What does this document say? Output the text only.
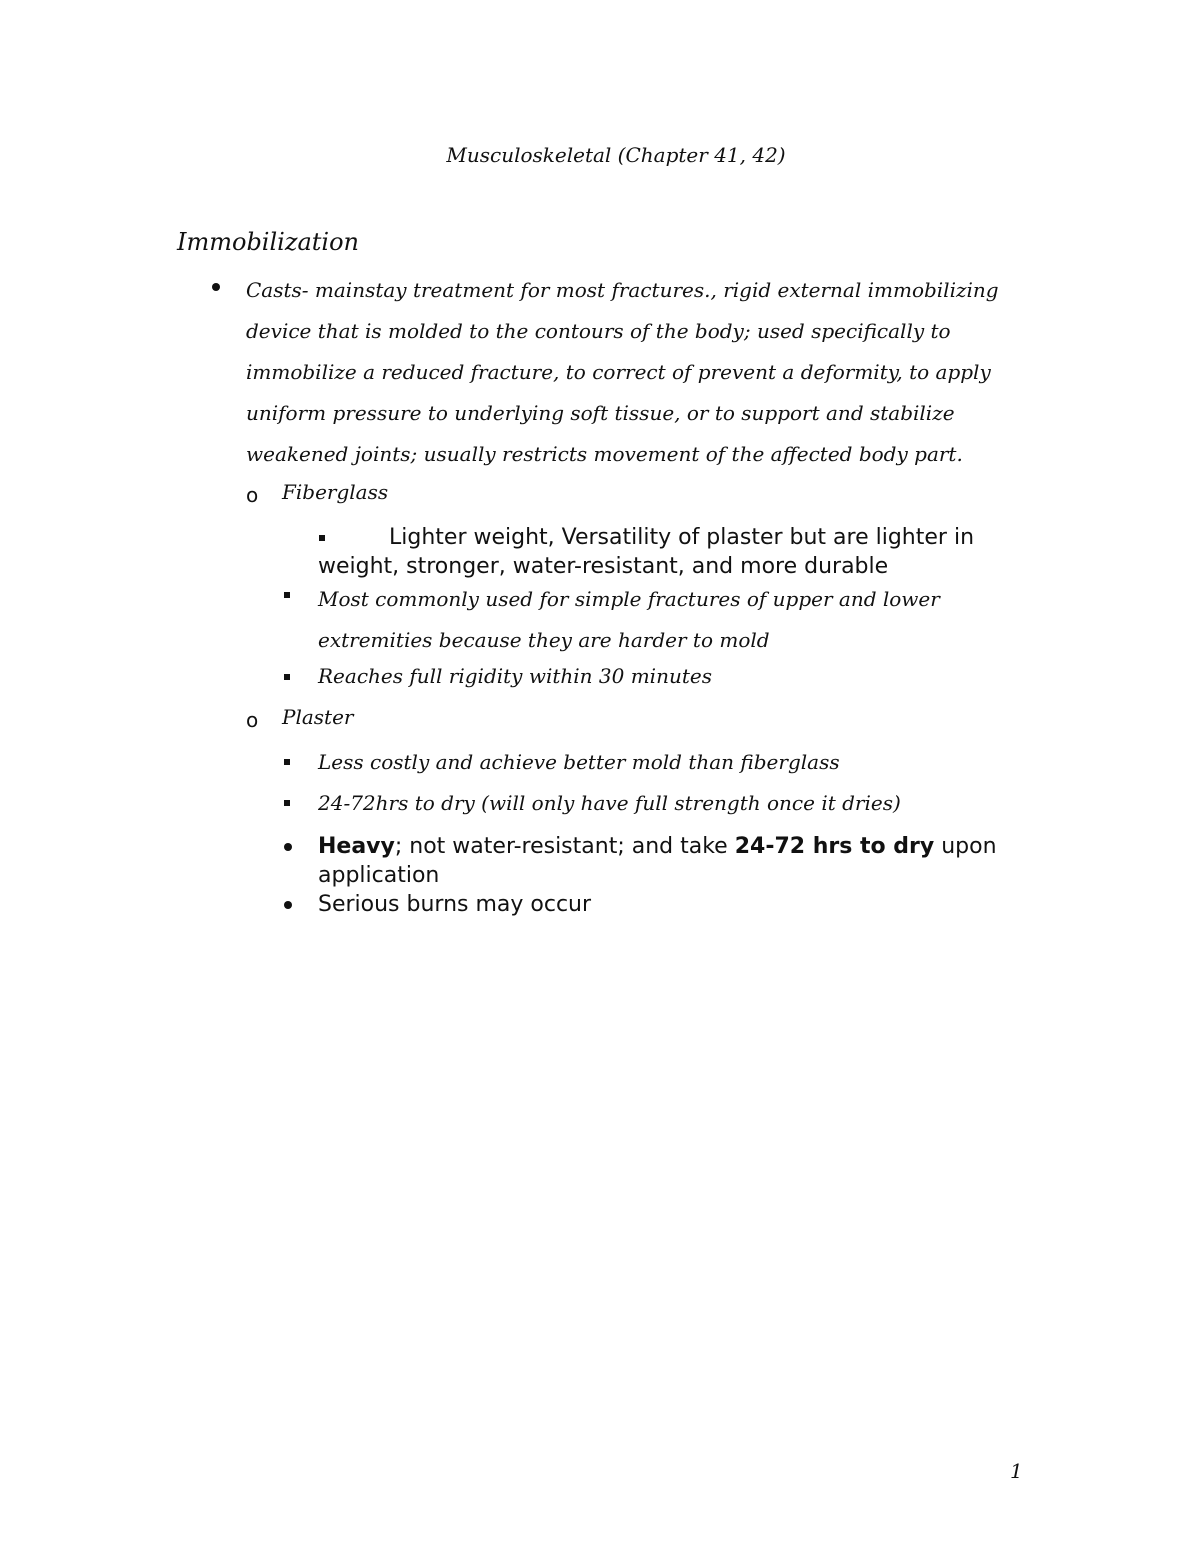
Musculoskeletal (Chapter 41, 42)
Immobilization
Casts- mainstay treatment for most fractures., rigid external immobilizing device that is molded to the contours of the body; used specifically to immobilize a reduced fracture, to correct of prevent a deformity, to apply uniform pressure to underlying soft tissue, or to support and stabilize weakened joints; usually restricts movement of the affected body part.
o Fiberglass
Lighter weight, Versatility of plaster but are lighter in weight, stronger, water-resistant, and more durable
Most commonly used for simple fractures of upper and lower extremities because they are harder to mold
Reaches full rigidity within 30 minutes
o Plaster
Less costly and achieve better mold than fiberglass
24-72hrs to dry (will only have full strength once it dries)
Heavy; not water-resistant; and take 24-72 hrs to dry upon application
Serious burns may occur
1
